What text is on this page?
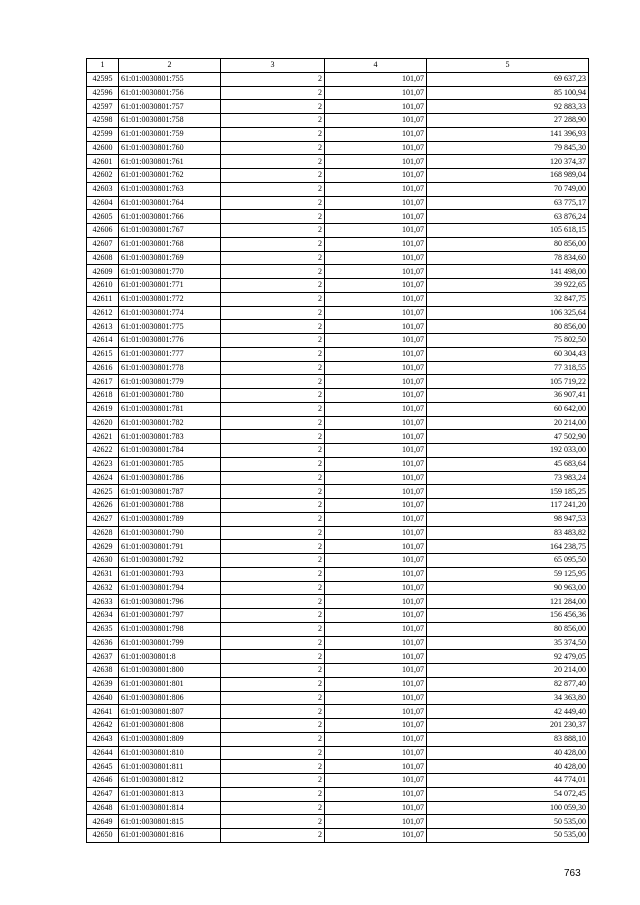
1	2	3	4	5
42595	61:01:0030801:755	2	101,07	69 637,23
42596	61:01:0030801:756	2	101,07	85 100,94
42597	61:01:0030801:757	2	101,07	92 883,33
42598	61:01:0030801:758	2	101,07	27 288,90
42599	61:01:0030801:759	2	101,07	141 396,93
42600	61:01:0030801:760	2	101,07	79 845,30
42601	61:01:0030801:761	2	101,07	120 374,37
42602	61:01:0030801:762	2	101,07	168 989,04
42603	61:01:0030801:763	2	101,07	70 749,00
42604	61:01:0030801:764	2	101,07	63 775,17
42605	61:01:0030801:766	2	101,07	63 876,24
42606	61:01:0030801:767	2	101,07	105 618,15
42607	61:01:0030801:768	2	101,07	80 856,00
42608	61:01:0030801:769	2	101,07	78 834,60
42609	61:01:0030801:770	2	101,07	141 498,00
42610	61:01:0030801:771	2	101,07	39 922,65
42611	61:01:0030801:772	2	101,07	32 847,75
42612	61:01:0030801:774	2	101,07	106 325,64
42613	61:01:0030801:775	2	101,07	80 856,00
42614	61:01:0030801:776	2	101,07	75 802,50
42615	61:01:0030801:777	2	101,07	60 304,43
42616	61:01:0030801:778	2	101,07	77 318,55
42617	61:01:0030801:779	2	101,07	105 719,22
42618	61:01:0030801:780	2	101,07	36 907,41
42619	61:01:0030801:781	2	101,07	60 642,00
42620	61:01:0030801:782	2	101,07	20 214,00
42621	61:01:0030801:783	2	101,07	47 502,90
42622	61:01:0030801:784	2	101,07	192 033,00
42623	61:01:0030801:785	2	101,07	45 683,64
42624	61:01:0030801:786	2	101,07	73 983,24
42625	61:01:0030801:787	2	101,07	159 185,25
42626	61:01:0030801:788	2	101,07	117 241,20
42627	61:01:0030801:789	2	101,07	98 947,53
42628	61:01:0030801:790	2	101,07	83 483,82
42629	61:01:0030801:791	2	101,07	164 238,75
42630	61:01:0030801:792	2	101,07	65 095,50
42631	61:01:0030801:793	2	101,07	59 125,95
42632	61:01:0030801:794	2	101,07	90 963,00
42633	61:01:0030801:796	2	101,07	121 284,00
42634	61:01:0030801:797	2	101,07	156 456,36
42635	61:01:0030801:798	2	101,07	80 856,00
42636	61:01:0030801:799	2	101,07	35 374,50
42637	61:01:0030801:8	2	101,07	92 479,05
42638	61:01:0030801:800	2	101,07	20 214,00
42639	61:01:0030801:801	2	101,07	82 877,40
42640	61:01:0030801:806	2	101,07	34 363,80
42641	61:01:0030801:807	2	101,07	42 449,40
42642	61:01:0030801:808	2	101,07	201 230,37
42643	61:01:0030801:809	2	101,07	83 888,10
42644	61:01:0030801:810	2	101,07	40 428,00
42645	61:01:0030801:811	2	101,07	40 428,00
42646	61:01:0030801:812	2	101,07	44 774,01
42647	61:01:0030801:813	2	101,07	54 072,45
42648	61:01:0030801:814	2	101,07	100 059,30
42649	61:01:0030801:815	2	101,07	50 535,00
42650	61:01:0030801:816	2	101,07	50 535,00
763
